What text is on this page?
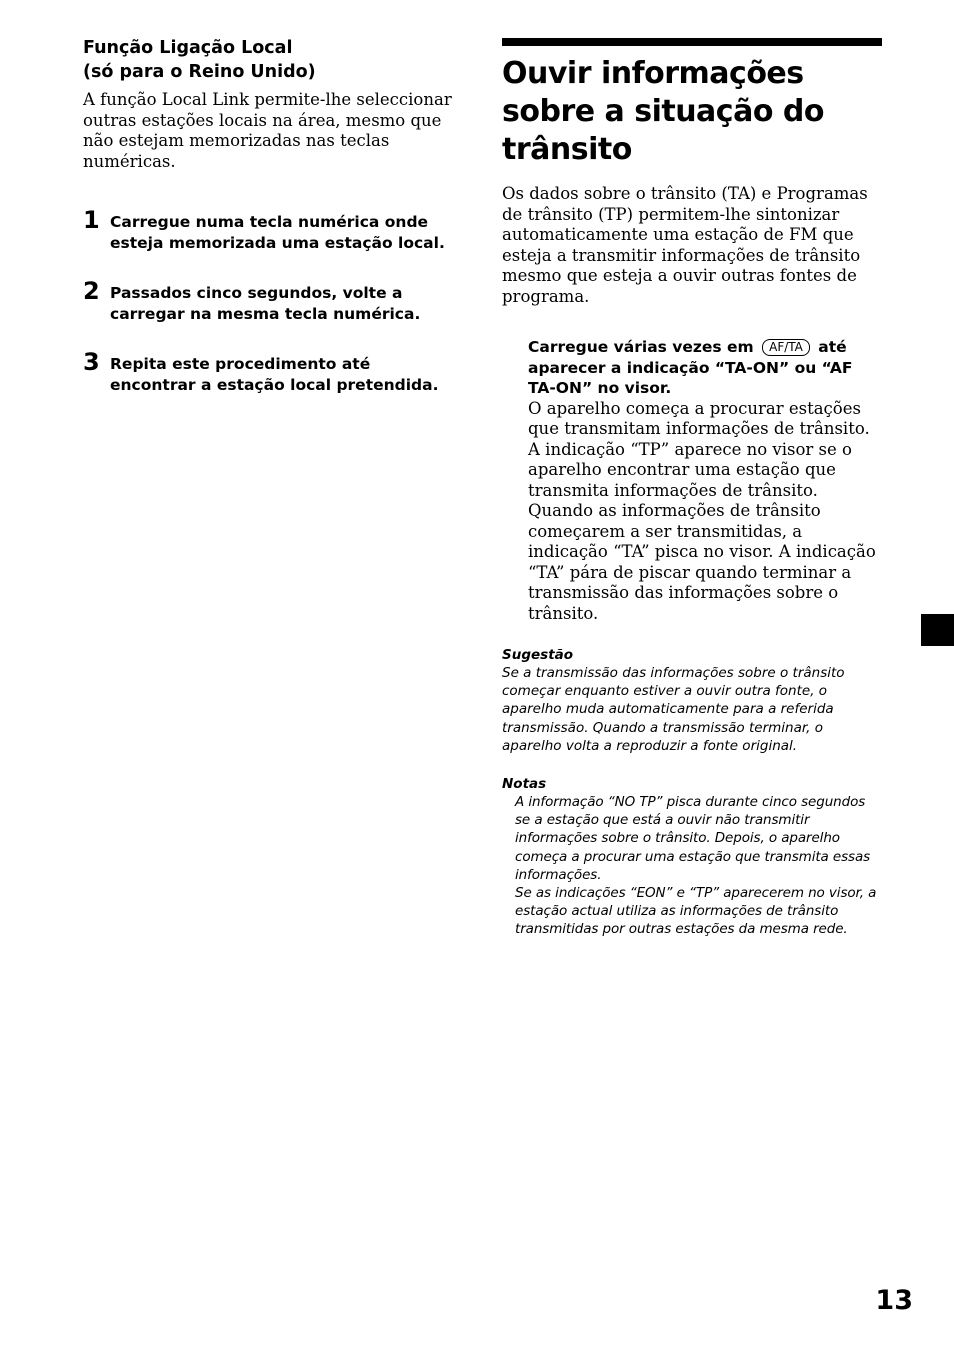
Função Ligação Local
(só para o Reino Unido)

A função Local Link permite-lhe seleccionar outras estações locais na área, mesmo que não estejam memorizadas nas teclas numéricas.

1 Carregue numa tecla numérica onde esteja memorizada uma estação local.
2 Passados cinco segundos, volte a carregar na mesma tecla numérica.
3 Repita este procedimento até encontrar a estação local pretendida.
Ouvir informações sobre a situação do trânsito

Os dados sobre o trânsito (TA) e Programas de trânsito (TP) permitem-lhe sintonizar automaticamente uma estação de FM que esteja a transmitir informações de trânsito mesmo que esteja a ouvir outras fontes de programa.

Carregue várias vezes em AF/TA até aparecer a indicação “TA-ON” ou “AF TA-ON” no visor.

O aparelho começa a procurar estações que transmitam informações de trânsito. A indicação “TP” aparece no visor se o aparelho encontrar uma estação que transmita informações de trânsito. Quando as informações de trânsito começarem a ser transmitidas, a indicação “TA” pisca no visor. A indicação “TA” pára de piscar quando terminar a transmissão das informações sobre o trânsito.

Sugestão

Se a transmissão das informações sobre o trânsito começar enquanto estiver a ouvir outra fonte, o aparelho muda automaticamente para a referida transmissão. Quando a transmissão terminar, o aparelho volta a reproduzir a fonte original.

Notas

A informação “NO TP” pisca durante cinco segundos se a estação que está a ouvir não transmitir informações sobre o trânsito. Depois, o aparelho começa a procurar uma estação que transmita essas informações.

Se as indicações “EON” e “TP” aparecerem no visor, a estação actual utiliza as informações de trânsito transmitidas por outras estações da mesma rede.

13
